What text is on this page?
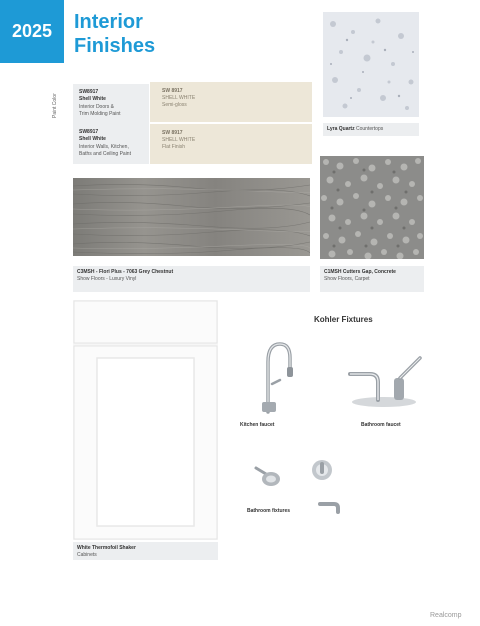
2025	Interior
Finishes
Paint Color
SW8917
Shell White
Interior Doors &
Trim Molding Paint
SW 8917
SHELL WHITE
Semi-gloss
SW8917
Shell White
Interior Walls, Kitchen,
Baths and Ceiling Paint
SW 8917
SHELL WHITE
Flat Finish
Lyra Quartz Countertops
C3MSH - Flori Plus - 7063 Grey Chestnut
Show Floors - Luxury Vinyl
C1MSH Cutters Gap, Concrete
Show Floors, Carpet
White Thermofoil Shaker
Cabinets
Kohler Fixtures
Kitchen faucet	Bathroom faucet
Bathroom fixtures
Realcomp
